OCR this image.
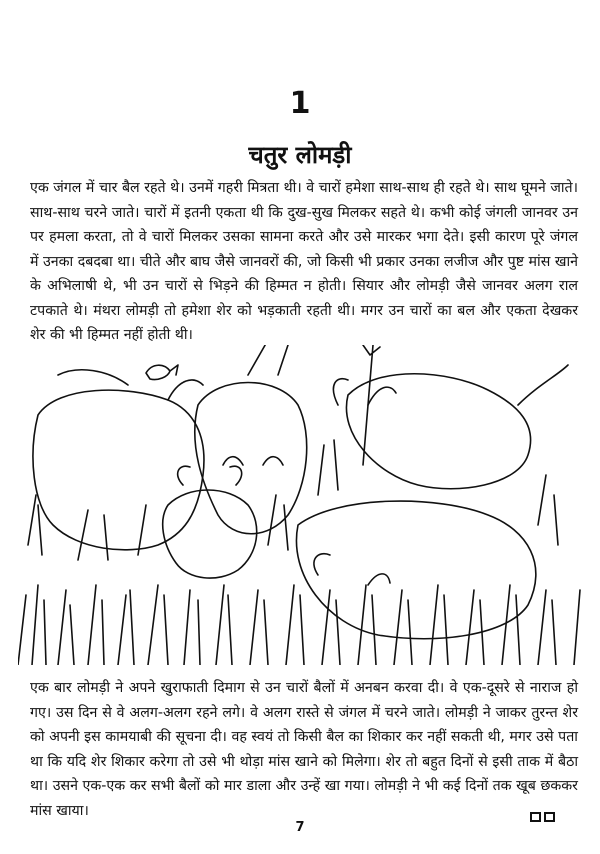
1
चतुर लोमड़ी

एक जंगल में चार बैल रहते थे। उनमें गहरी मित्रता थी। वे चारों हमेशा साथ-साथ ही रहते थे। साथ घूमने जाते। साथ-साथ चरने जाते। चारों में इतनी एकता थी कि दुख-सुख मिलकर सहते थे। कभी कोई जंगली जानवर उन पर हमला करता, तो वे चारों मिलकर उसका सामना करते और उसे मारकर भगा देते। इसी कारण पूरे जंगल में उनका दबदबा था। चीते और बाघ जैसे जानवरों की, जो किसी भी प्रकार उनका लजीज और पुष्ट मांस खाने के अभिलाषी थे, भी उन चारों से भिड़ने की हिम्मत न होती। सियार और लोमड़ी जैसे जानवर अलग राल टपकाते थे। मंथरा लोमड़ी तो हमेशा शेर को भड़काती रहती थी। मगर उन चारों का बल और एकता देखकर शेर की भी हिम्मत नहीं होती थी।

एक बार लोमड़ी ने अपने खुराफाती दिमाग से उन चारों बैलों में अनबन करवा दी। वे एक-दूसरे से नाराज हो गए। उस दिन से वे अलग-अलग रहने लगे। वे अलग रास्ते से जंगल में चरने जाते। लोमड़ी ने जाकर तुरन्त शेर को अपनी इस कामयाबी की सूचना दी। वह स्वयं तो किसी बैल का शिकार कर नहीं सकती थी, मगर उसे पता था कि यदि शेर शिकार करेगा तो उसे भी थोड़ा मांस खाने को मिलेगा। शेर तो बहुत दिनों से इसी ताक में बैठा था। उसने एक-एक कर सभी बैलों को मार डाला और उन्हें खा गया। लोमड़ी ने भी कई दिनों तक खूब छककर मांस खाया।

7
